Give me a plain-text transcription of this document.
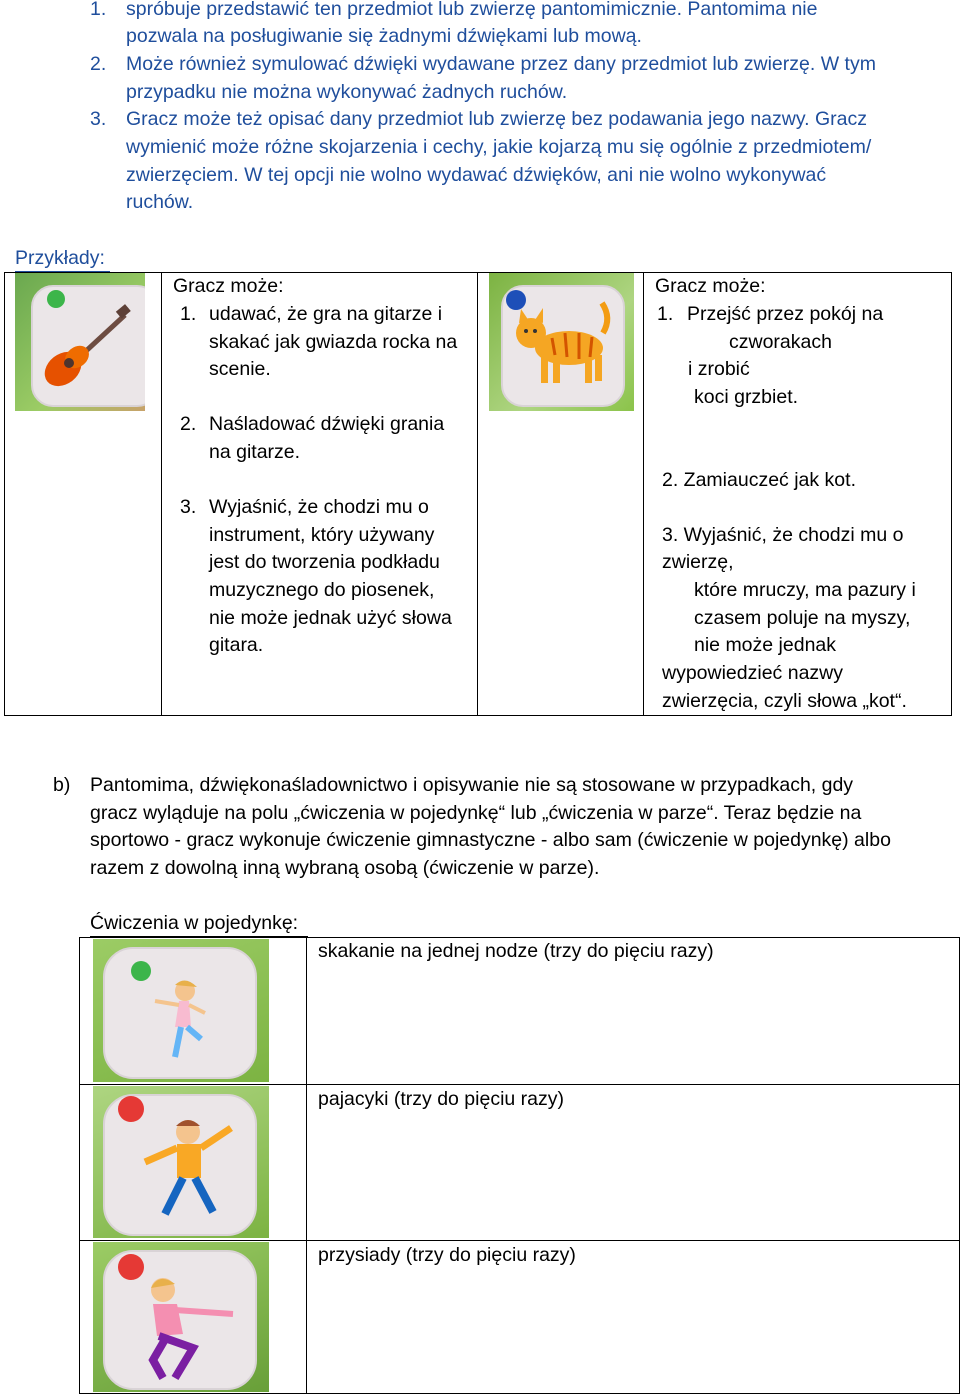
1. spróbuje przedstawić ten przedmiot lub zwierzę pantomimicznie. Pantomima nie
pozwala na posługiwanie się żadnymi dźwiękami lub mową.
2. Może również symulować dźwięki wydawane przez dany przedmiot lub zwierzę. W tym
przypadku nie można wykonywać żadnych ruchów.
3. Gracz może też opisać dany przedmiot lub zwierzę bez podawania jego nazwy. Gracz
wymienić może różne skojarzenia i cechy, jakie kojarzą mu się ogólnie z przedmiotem/
zwierzęciem. W tej opcji nie wolno wydawać dźwięków, ani nie wolno wykonywać
ruchów.
Przykłady:
Gracz może:
1. udawać, że gra na gitarze i
skakać jak gwiazda rocka na
scenie.
2. Naśladować dźwięki grania
na gitarze.
3. Wyjaśnić, że chodzi mu o
instrument, który używany
jest do tworzenia podkładu
muzycznego do piosenek,
nie może jednak użyć słowa
gitara.
Gracz może:
1. Przejść przez pokój na
czworakach
i zrobić
koci grzbiet.
2. Zamiauczeć jak kot.
3. Wyjaśnić, że chodzi mu o
zwierzę,
które mruczy, ma pazury i
czasem poluje na myszy,
nie może jednak
wypowiedzieć nazwy
zwierzęcia, czyli słowa „kot“.
b) Pantomima, dźwiękonaśladownictwo i opisywanie nie są stosowane w przypadkach, gdy
gracz wyląduje na polu „ćwiczenia w pojedynkę“ lub „ćwiczenia w parze“. Teraz będzie na
sportowo - gracz wykonuje ćwiczenie gimnastyczne - albo sam (ćwiczenie w pojedynkę) albo
razem z dowolną inną wybraną osobą (ćwiczenie w parze).
Ćwiczenia w pojedynkę:
skakanie na jednej nodze (trzy do pięciu razy)
pajacyki (trzy do pięciu razy)
przysiady (trzy do pięciu razy)
